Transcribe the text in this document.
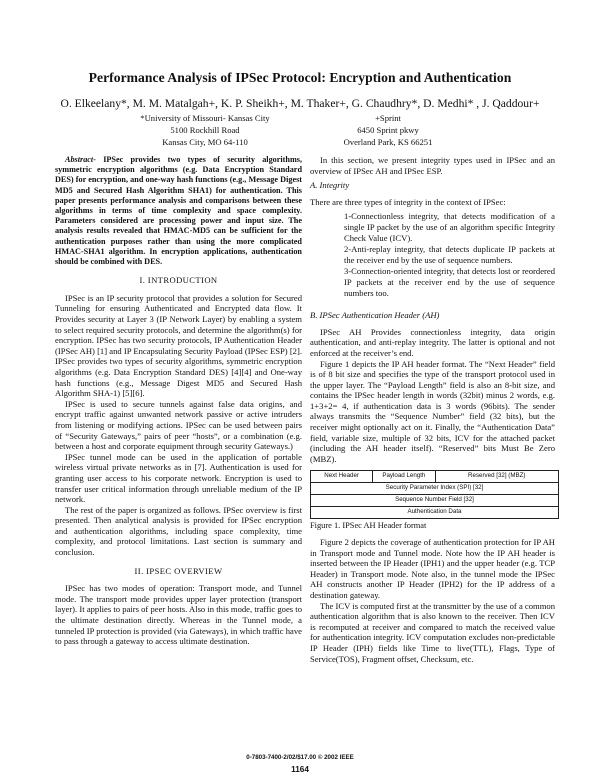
Performance Analysis of IPSec Protocol: Encryption and Authentication
O. Elkeelany*, M. M. Matalgah+, K. P. Sheikh+, M. Thaker+, G. Chaudhry*, D. Medhi* , J. Qaddour+
*University of Missouri- Kansas City
5100 Rockhill Road
Kansas City, MO 64-110
+Sprint
6450 Sprint pkwy
Overland Park, KS 66251

Abstract- IPSec provides two types of security algorithms, symmetric encryption algorithms (e.g. Data Encryption Standard DES) for encryption, and one-way hash functions (e.g., Message Digest MD5 and Secured Hash Algorithm SHA1) for authentication. This paper presents performance analysis and comparisons between these algorithms in terms of time complexity and space complexity. Parameters considered are processing power and input size. The analysis results revealed that HMAC-MD5 can be sufficient for the authentication purposes rather than using the more complicated HMAC-SHA1 algorithm. In encryption applications, authentication should be combined with DES.

I. INTRODUCTION

IPSec is an IP security protocol that provides a solution for Secured Tunneling for ensuring Authenticated and Encrypted data flow. It Provides security at Layer 3 (IP Network Layer) by enabling a system to select required security protocols, and determine the algorithm(s) for encryption. IPSec has two security protocols, IP Authentication Header (IPSec AH) [1] and IP Encapsulating Security Payload (IPSec ESP) [2]. IPSec provides two types of security algorithms, symmetric encryption algorithms (e.g. Data Encryption Standard DES) [4][4] and One-way hash functions (e.g., Message Digest MD5 and Secured Hash Algorithm SHA-1) [5][6].

IPSec is used to secure tunnels against false data origins, and encrypt traffic against unwanted network passive or active intruders from listening or modifying actions. IPSec can be used between pairs of “Security Gateways,” pairs of peer “hosts”, or a combination (e.g. between a host and corporate equipment through security Gateways.)

IPSec tunnel mode can be used in the application of portable wireless virtual private networks as in [7]. Authentication is used for granting user access to his corporate network. Encryption is used to transfer user critical information through unreliable medium of the IP network.

The rest of the paper is organized as follows. IPSec overview is first presented. Then analytical analysis is provided for IPSec encryption and authentication algorithms, including space complexity, time complexity, and protocol limitations. Last section is summary and conclusion.

II. IPSEC OVERVIEW

IPSec has two modes of operation: Transport mode, and Tunnel mode. The transport mode provides upper layer protection (transport layer). It applies to pairs of peer hosts. Also in this mode, traffic goes to the ultimate destination directly. Whereas in the Tunnel mode, a tunneled IP protection is provided (via Gateways), in which traffic have to pass through a gateway to access ultimate destination.

In this section, we present integrity types used in IPSec and an overview of IPSec AH and IPSec ESP.

A. Integrity

There are three types of integrity in the context of IPSec:

1-Connectionless integrity, that detects modification of a single IP packet by the use of an algorithm specific Integrity Check Value (ICV).

2-Anti-replay integrity, that detects duplicate IP packets at the receiver end by the use of sequence numbers.

3-Connection-oriented integrity, that detects lost or reordered IP packets at the receiver end by the use of sequence numbers too.

B. IPSec Authentication Header (AH)

IPSec AH Provides connectionless integrity, data origin authentication, and anti-replay integrity. The latter is optional and not enforced at the receiver’s end.

Figure 1 depicts the IP AH header format. The “Next Header” field is of 8 bit size and specifies the type of the transport protocol used in the upper layer. The “Payload Length” field is also an 8-bit size, and contains the IPSec header length in words (32bit) minus 2 words, e.g. 1+3+2= 4, if authentication data is 3 words (96bits). The sender always transmits the “Sequence Number” field (32 bits), but the receiver might optionally act on it. Finally, the “Authentication Data” field, variable size, multiple of 32 bits, ICV for the attached packet (including the AH header itself). “Reserved” bits Must Be Zero (MBZ).

Next Header	Payload Length	Reserved [32] (MBZ)
Security Parameter Index (SPI) [32]
Sequence Number Field [32]
Authentication Data
Figure 1. IPSec AH Header format

Figure 2 depicts the coverage of authentication protection for IP AH in Transport mode and Tunnel mode. Note how the IP AH header is inserted between the IP Header (IPH1) and the upper header (e.g. TCP Header) in Transport mode. Note also, in the tunnel mode the IPSec AH constructs another IP Header (IPH2) for the IP address of a destination gateway.

The ICV is computed first at the transmitter by the use of a common authentication algorithm that is also known to the receiver. Then ICV is recomputed at receiver and compared to match the received value for authentication integrity. ICV computation excludes non-predictable IP Header (IPH) fields like Time to live(TTL), Flags, Type of Service(TOS), Fragment offset, Checksum, etc.

0-7803-7400-2/02/$17.00 © 2002 IEEE
1164
